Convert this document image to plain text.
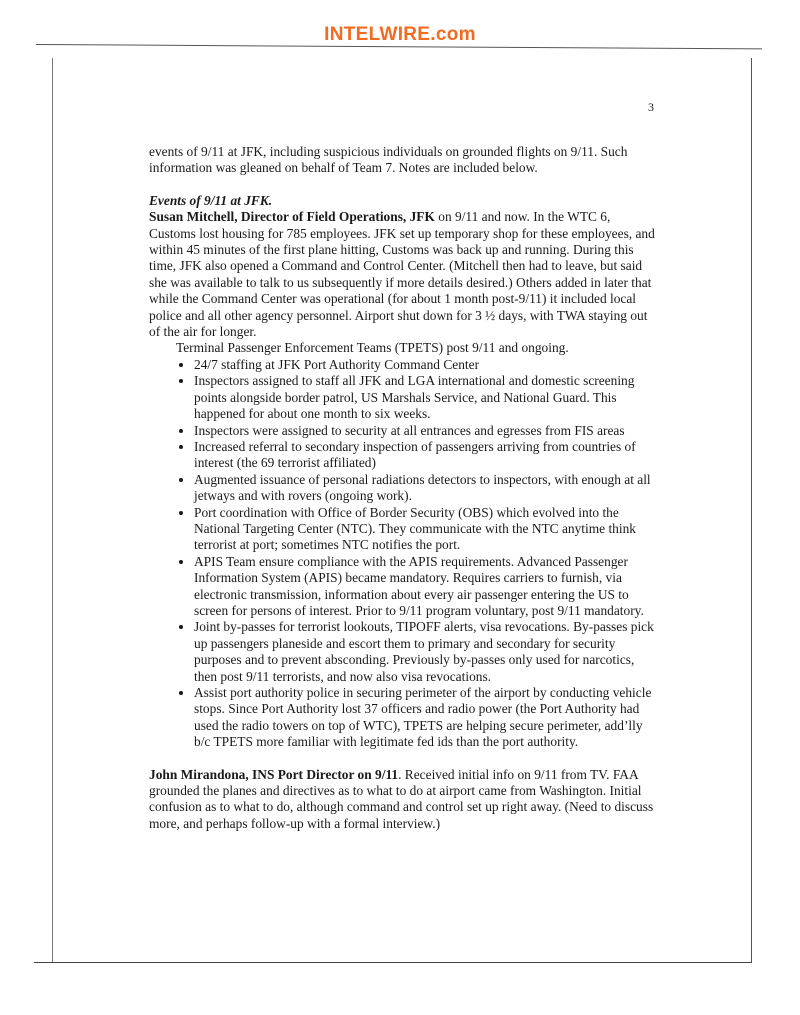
INTELWIRE.com
3

events of 9/11 at JFK, including suspicious individuals on grounded flights on 9/11. Such information was gleaned on behalf of Team 7. Notes are included below.

Events of 9/11 at JFK.

Susan Mitchell, Director of Field Operations, JFK on 9/11 and now. In the WTC 6, Customs lost housing for 785 employees. JFK set up temporary shop for these employees, and within 45 minutes of the first plane hitting, Customs was back up and running. During this time, JFK also opened a Command and Control Center. (Mitchell then had to leave, but said she was available to talk to us subsequently if more details desired.) Others added in later that while the Command Center was operational (for about 1 month post-9/11) it included local police and all other agency personnel. Airport shut down for 3 ½ days, with TWA staying out of the air for longer.

Terminal Passenger Enforcement Teams (TPETS) post 9/11 and ongoing.

• 24/7 staffing at JFK Port Authority Command Center
• Inspectors assigned to staff all JFK and LGA international and domestic screening points alongside border patrol, US Marshals Service, and National Guard. This happened for about one month to six weeks.
• Inspectors were assigned to security at all entrances and egresses from FIS areas
• Increased referral to secondary inspection of passengers arriving from countries of interest (the 69 terrorist affiliated)
• Augmented issuance of personal radiations detectors to inspectors, with enough at all jetways and with rovers (ongoing work).
• Port coordination with Office of Border Security (OBS) which evolved into the National Targeting Center (NTC). They communicate with the NTC anytime think terrorist at port; sometimes NTC notifies the port.
• APIS Team ensure compliance with the APIS requirements. Advanced Passenger Information System (APIS) became mandatory. Requires carriers to furnish, via electronic transmission, information about every air passenger entering the US to screen for persons of interest. Prior to 9/11 program voluntary, post 9/11 mandatory.
• Joint by-passes for terrorist lookouts, TIPOFF alerts, visa revocations. By-passes pick up passengers planeside and escort them to primary and secondary for security purposes and to prevent absconding. Previously by-passes only used for narcotics, then post 9/11 terrorists, and now also visa revocations.
• Assist port authority police in securing perimeter of the airport by conducting vehicle stops. Since Port Authority lost 37 officers and radio power (the Port Authority had used the radio towers on top of WTC), TPETS are helping secure perimeter, add’lly b/c TPETS more familiar with legitimate fed ids than the port authority.

John Mirandona, INS Port Director on 9/11. Received initial info on 9/11 from TV. FAA grounded the planes and directives as to what to do at airport came from Washington. Initial confusion as to what to do, although command and control set up right away. (Need to discuss more, and perhaps follow-up with a formal interview.)
